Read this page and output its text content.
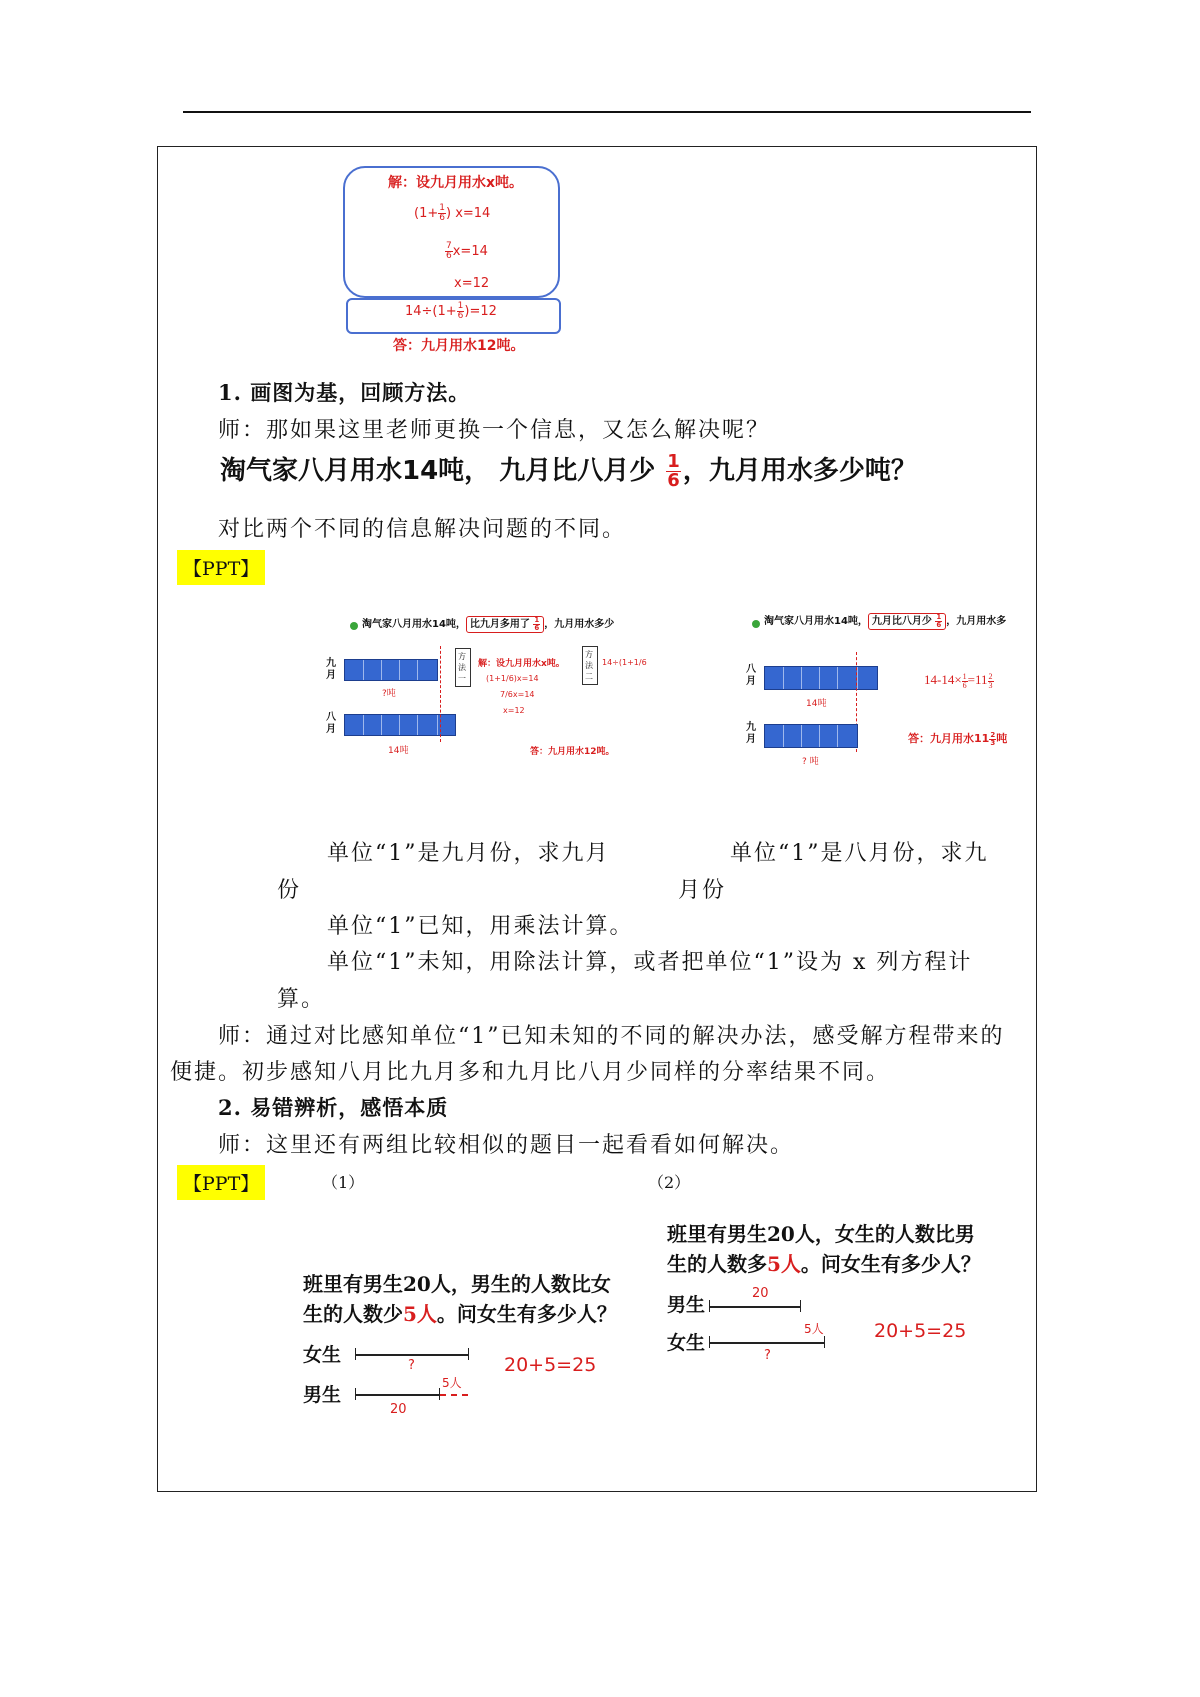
解：设九月用水x吨。
($1+ \frac{1}{6}$ ) x=14
$\frac{7}{6} x=14$
x=12
$14\div(1+ \frac{1}{6} )=12$
答：九月用水12吨。
1. 画图为基，回顾方法。
师：那如果这里老师更换一个信息，又怎么解决呢？
淘气家八月用水14吨， 九月比八月少 $\frac{1}{6}$ ，九月用水多少吨？
对比两个不同的信息解决问题的不同。
【PPT】
淘气家八月用水14吨， 比九月多用了 $\frac{1}{6}$ ，九月用水多少
九月
?吨
八月
14吨
方法一
解：设九月用水x吨。
(1+1/6)x=14
7/6x=14
x=12
方法二
14÷(1+1/6
答：九月用水12吨。
淘气家八月用水14吨， 九月比八月少 $\frac{1}{6}$ ，九月用水多
八月
14吨
九月
? 吨
$14-14\times \frac{1}{6} =11 \frac{2}{3}$
答：九月用水$11 \frac{2}{3}$ 吨
单位“1”是九月份，求九月
份
单位“1”是八月份，求九
月份
单位“1”已知，用乘法计算。
单位“1”未知，用除法计算，或者把单位“1”设为 x 列方程计
算。
师：通过对比感知单位“1”已知未知的不同的解决办法，感受解方程带来的
便捷。初步感知八月比九月多和九月比八月少同样的分率结果不同。
2. 易错辨析，感悟本质
师：这里还有两组比较相似的题目一起看看如何解决。
【PPT】	（1）	（2）
班里有男生20人，男生的人数比女
生的人数少5人。问女生有多少人？
女生	?
男生
5人
20
20+5=25
班里有男生20人，女生的人数比男
生的人数多5人。问女生有多少人？
男生
20
女生
5人
?
20+5=25
